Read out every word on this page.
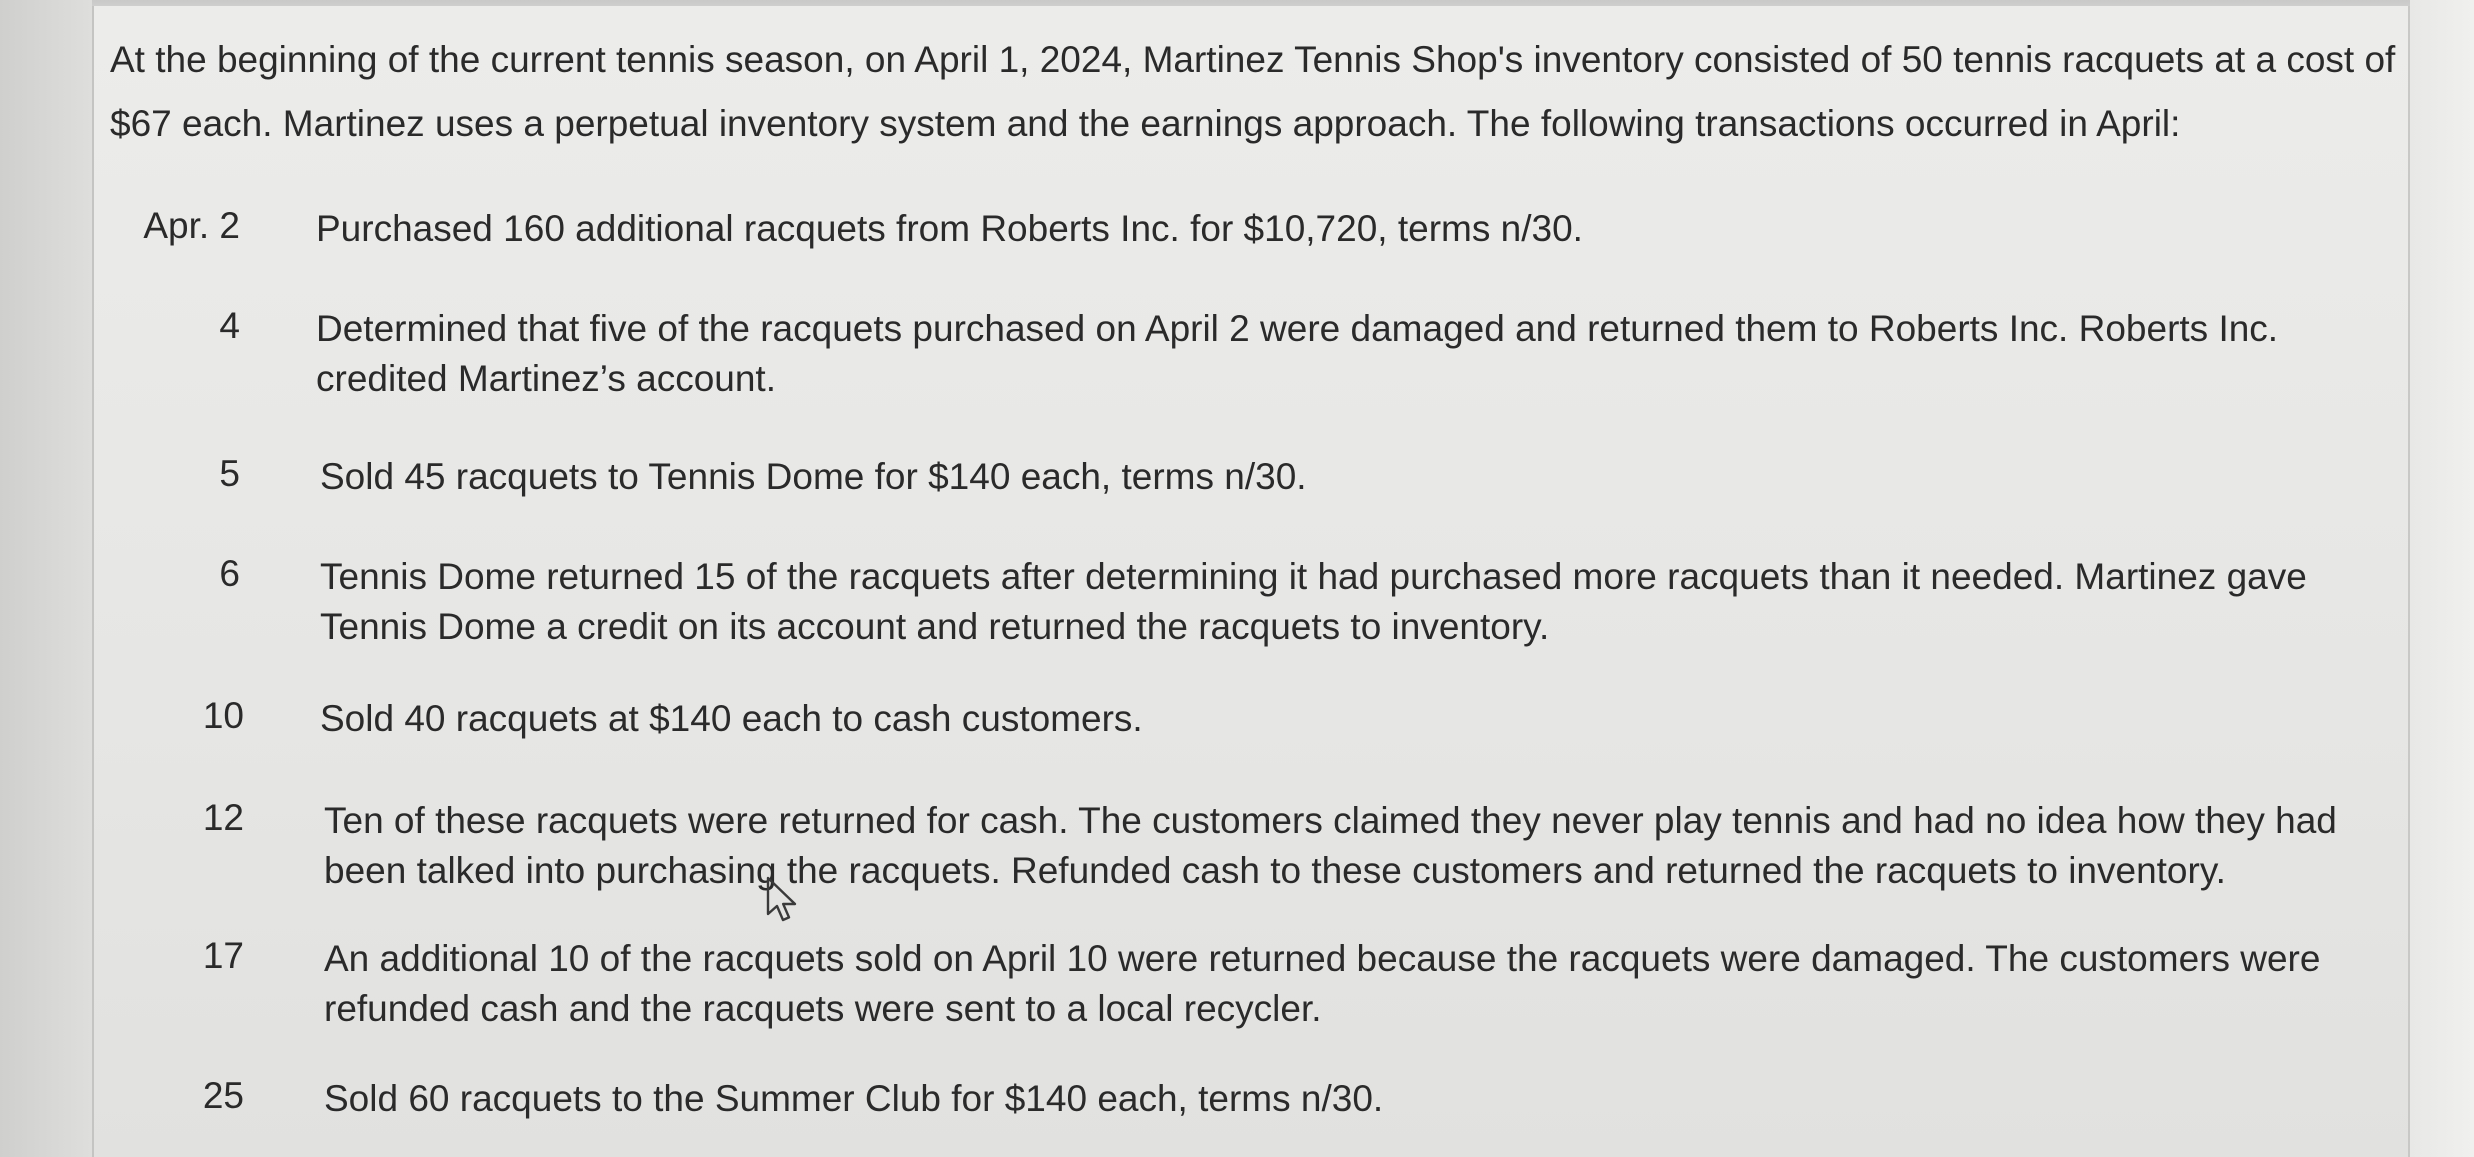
At the beginning of the current tennis season, on April 1, 2024, Martinez Tennis Shop's inventory consisted of 50 tennis racquets at a cost of $67 each. Martinez uses a perpetual inventory system and the earnings approach. The following transactions occurred in April:

Apr. 2 Purchased 160 additional racquets from Roberts Inc. for $10,720, terms n/30.
4 Determined that five of the racquets purchased on April 2 were damaged and returned them to Roberts Inc. Roberts Inc. credited Martinez’s account.
5 Sold 45 racquets to Tennis Dome for $140 each, terms n/30.
6 Tennis Dome returned 15 of the racquets after determining it had purchased more racquets than it needed. Martinez gave Tennis Dome a credit on its account and returned the racquets to inventory.
10 Sold 40 racquets at $140 each to cash customers.
12 Ten of these racquets were returned for cash. The customers claimed they never play tennis and had no idea how they had been talked into purchasing the racquets. Refunded cash to these customers and returned the racquets to inventory.
17 An additional 10 of the racquets sold on April 10 were returned because the racquets were damaged. The customers were refunded cash and the racquets were sent to a local recycler.
25 Sold 60 racquets to the Summer Club for $140 each, terms n/30.
